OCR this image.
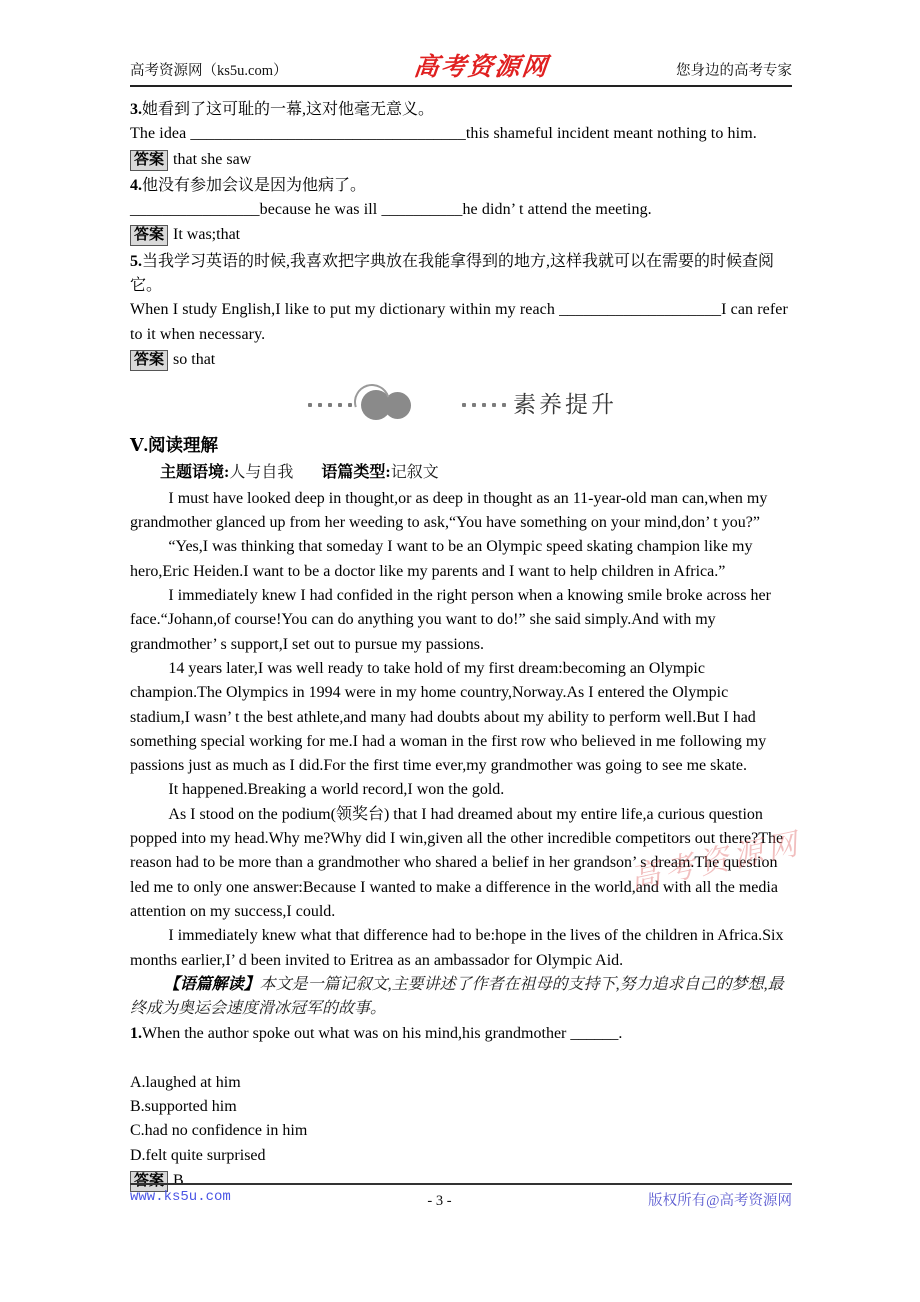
高考资源网（ks5u.com）	高考资源网	您身边的高考专家
3.她看到了这可耻的一幕,这对他毫无意义。
The idea __________________________________this shameful incident meant nothing to him.
答案 that she saw
4.他没有参加会议是因为他病了。
________________because he was ill __________he didn’ t attend the meeting.
答案 It was;that
5.当我学习英语的时候,我喜欢把字典放在我能拿得到的地方,这样我就可以在需要的时候查阅它。
When I study English,I like to put my dictionary within my reach ____________________I can refer to it when necessary.
答案 so that
素养提升
Ⅴ.阅读理解
主题语境:人与自我 语篇类型:记叙文

I must have looked deep in thought,or as deep in thought as an 11-year-old man can,when my grandmother glanced up from her weeding to ask,“You have something on your mind,don’ t you?”

“Yes,I was thinking that someday I want to be an Olympic speed skating champion like my hero,Eric Heiden.I want to be a doctor like my parents and I want to help children in Africa.”

I immediately knew I had confided in the right person when a knowing smile broke across her face.“Johann,of course!You can do anything you want to do!” she said simply.And with my grandmother’ s support,I set out to pursue my passions.

14 years later,I was well ready to take hold of my first dream:becoming an Olympic champion.The Olympics in 1994 were in my home country,Norway.As I entered the Olympic stadium,I wasn’ t the best athlete,and many had doubts about my ability to perform well.But I had something special working for me.I had a woman in the first row who believed in me following my passions just as much as I did.For the first time ever,my grandmother was going to see me skate.

It happened.Breaking a world record,I won the gold.

As I stood on the podium(领奖台) that I had dreamed about my entire life,a curious question popped into my head.Why me?Why did I win,given all the other incredible competitors out there?The reason had to be more than a grandmother who shared a belief in her grandson’ s dream.The question led me to only one answer:Because I wanted to make a difference in the world,and with all the media attention on my success,I could.

I immediately knew what that difference had to be:hope in the lives of the children in Africa.Six months earlier,I’ d been invited to Eritrea as an ambassador for Olympic Aid.

【语篇解读】本文是一篇记叙文,主要讲述了作者在祖母的支持下,努力追求自己的梦想,最终成为奥运会速度滑冰冠军的故事。

1.When the author spoke out what was on his mind,his grandmother ______.
A.laughed at him
B.supported him
C.had no confidence in him
D.felt quite surprised
答案 B
高考资源网
www.ks5u.com	- 3 -	版权所有@高考资源网
